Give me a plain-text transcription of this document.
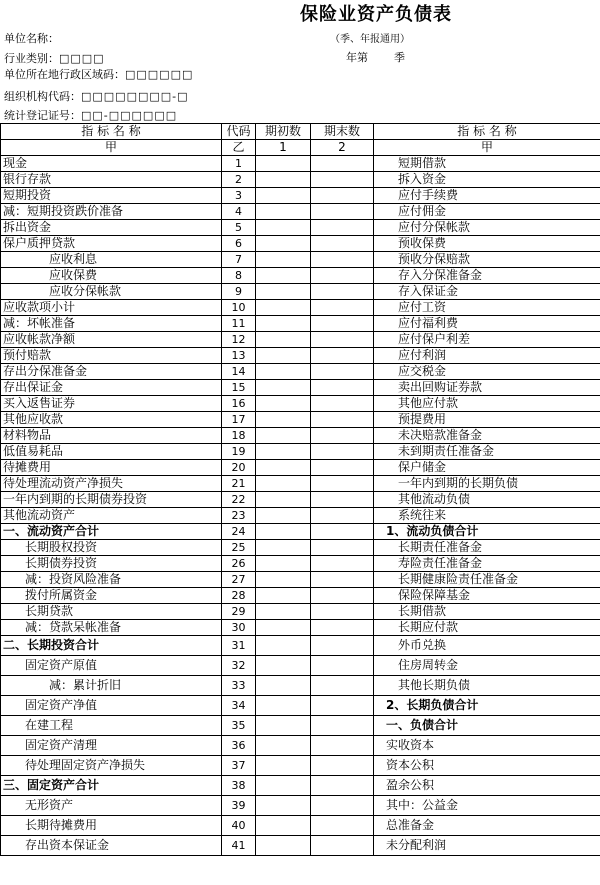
保险业资产负债表
（季、年报通用）
年第 季
单位名称：
行业类别：□□□□
单位所在地行政区域码：□□□□□□
组织机构代码：□□□□□□□□-□
统计登记证号：□□-□□□□□□
指 标 名 称	代码	期初数	期末数	指 标 名 称
甲	乙	1	2	甲
现金	1			短期借款
银行存款	2			拆入资金
短期投资	3			应付手续费
减：短期投资跌价准备	4			应付佣金
拆出资金	5			应付分保帐款
保户质押贷款	6			预收保费
应收利息	7			预收分保赔款
应收保费	8			存入分保准备金
应收分保帐款	9			存入保证金
应收款项小计	10			应付工资
减：坏帐准备	11			应付福利费
应收帐款净额	12			应付保户利差
预付赔款	13			应付利润
存出分保准备金	14			应交税金
存出保证金	15			卖出回购证券款
买入返售证券	16			其他应付款
其他应收款	17			预提费用
材料物品	18			未决赔款准备金
低值易耗品	19			未到期责任准备金
待摊费用	20			保户储金
待处理流动资产净损失	21			一年内到期的长期负债
一年内到期的长期债券投资	22			其他流动负债
其他流动资产	23			系统往来
一、流动资产合计	24			1、流动负债合计
长期股权投资	25			长期责任准备金
长期债券投资	26			寿险责任准备金
减：投资风险准备	27			长期健康险责任准备金
拨付所属资金	28			保险保障基金
长期贷款	29			长期借款
减：贷款呆帐准备	30			长期应付款
二、长期投资合计	31			外币兑换
固定资产原值	32			住房周转金
减：累计折旧	33			其他长期负债
固定资产净值	34			2、长期负债合计
在建工程	35			一、负债合计
固定资产清理	36			实收资本
待处理固定资产净损失	37			资本公积
三、固定资产合计	38			盈余公积
无形资产	39			其中：公益金
长期待摊费用	40			总准备金
存出资本保证金	41			未分配利润
